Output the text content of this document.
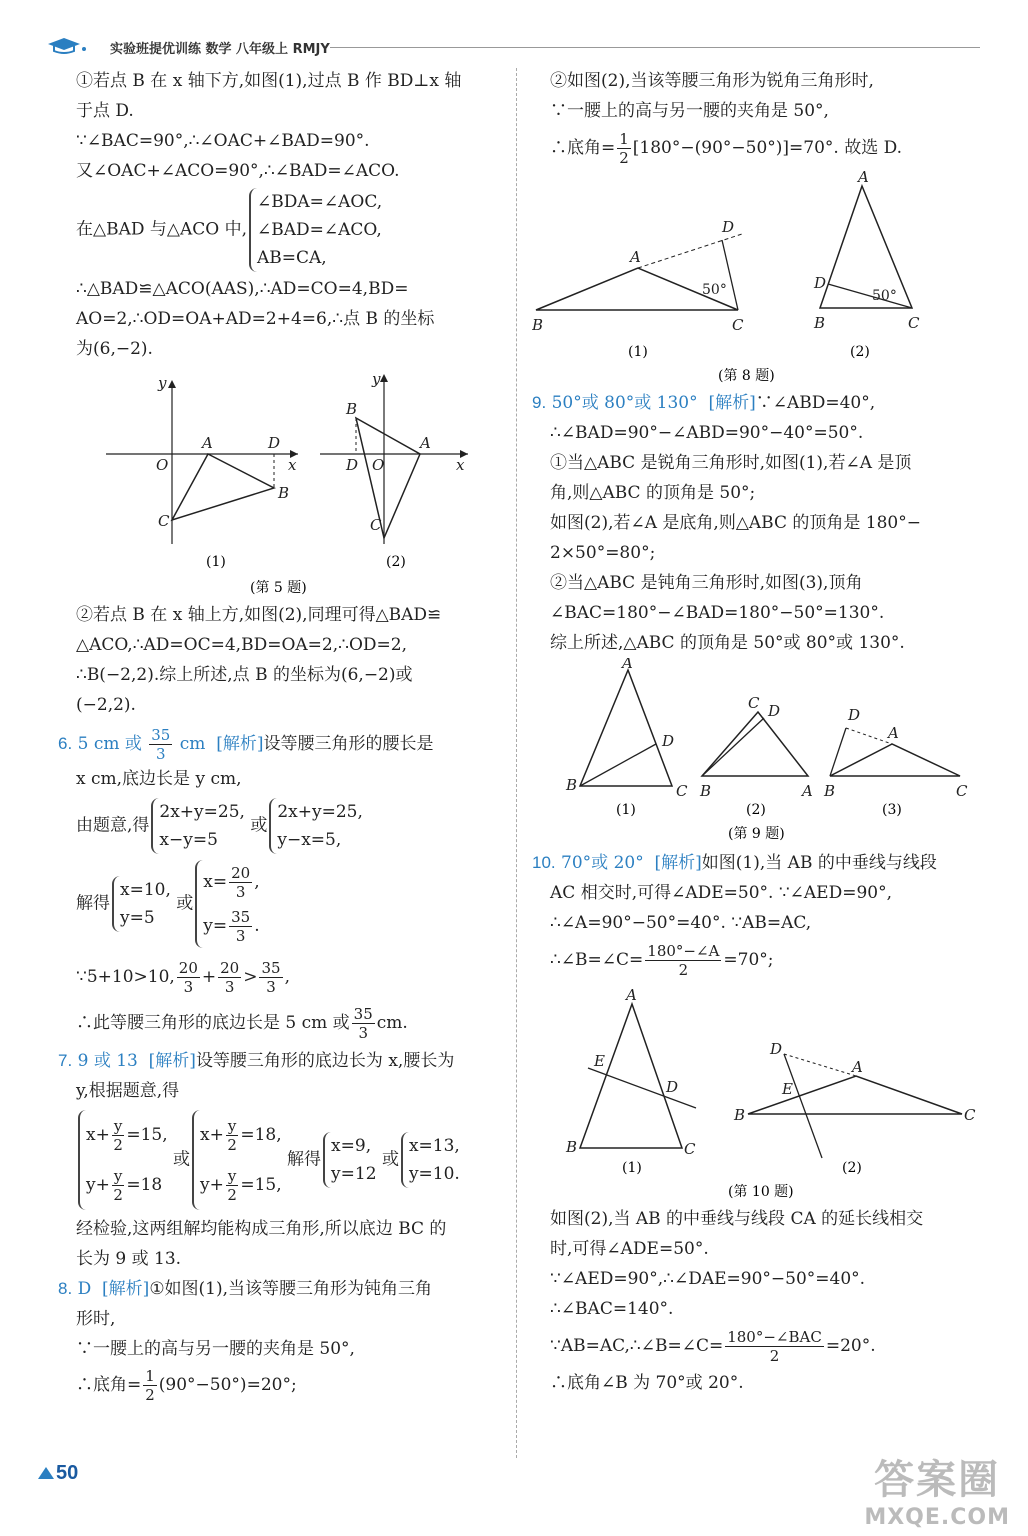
实验班提优训练 数学 八年级上 RMJY

①若点 B 在 x 轴下方,如图(1),过点 B 作 BD⊥x 轴

于点 D.

∵∠BAC=90°,∴∠OAC+∠BAD=90°.

又∠OAC+∠ACO=90°,∴∠BAD=∠ACO.

在△BAD 与△ACO 中,
∠BDA=∠AOC,
∠BAD=∠ACO,
AB=CA,

∴△BAD≌△ACO(AAS),∴AD=CO=4,BD=

AO=2,∴OD=OA+AD=2+4=6,∴点 B 的坐标

为(6,−2).

y
x
O
A	D
B
C
y
x
O
B
A
D
C
(1)	(2)
(第 5 题)

②若点 B 在 x 轴上方,如图(2),同理可得△BAD≌

△ACO,∴AD=OC=4,BD=OA=2,∴OD=2,

∴B(−2,2).综上所述,点 B 的坐标为(6,−2)或

(−2,2).

6. 5 cm 或 $\frac{35}{3}$ cm [解析]设等腰三角形的腰长是

x cm,底边长是 y cm,

由题意,得
2x+y=25,
x−y=5
或
2x+y=25,
y−x=5,

解得
x=10,
y=5
或
$x= \frac{20}{3}$ ,
$y= \frac{35}{3}$ .

∵5+10>10, $\frac{20}{3} + \frac{20}{3} > \frac{35}{3}$ ,

∴此等腰三角形的底边长是 5 cm 或 $\frac{35}{3}$ cm.

7. 9 或 13 [解析]设等腰三角形的底边长为 x,腰长为

y,根据题意,得

$x+ \frac{y}{2} =15$,
$y+ \frac{y}{2} =18$
或
$x+ \frac{y}{2} =18$,
$y+ \frac{y}{2} =15$,
解得
x=9,
y=12
或
x=13,
y=10.

经检验,这两组解均能构成三角形,所以底边 BC 的

长为 9 或 13.

8. D [解析]①如图(1),当该等腰三角形为钝角三角

形时,

∵一腰上的高与另一腰的夹角是 50°,

∴底角= $\frac{1}{2} (90^\circ-50^\circ)=20^\circ$;

②如图(2),当该等腰三角形为锐角三角形时,

∵一腰上的高与另一腰的夹角是 50°,

∴底角= $\frac{1}{2} [180^\circ-(90^\circ-50^\circ)]=70^\circ$. 故选 D.

B
A
C
D
50°
A
B	C
D
50°
(1)	(2)
(第 8 题)

9. 50°或 80°或 130° [解析]∵∠ABD=40°,

∴∠BAD=90°−∠ABD=90°−40°=50°.

①当△ABC 是锐角三角形时,如图(1),若∠A 是顶

角,则△ABC 的顶角是 50°;

如图(2),若∠A 是底角,则△ABC 的顶角是 180°−

2×50°=80°;

②当△ABC 是钝角三角形时,如图(3),顶角

∠BAC=180°−∠BAD=180°−50°=130°.

综上所述,△ABC 的顶角是 50°或 80°或 130°.

A
B	C
D
C
B	A
D	D
A
B	C
(1)	(2)	(3)
(第 9 题)

10. 70°或 20° [解析]如图(1),当 AB 的中垂线与线段

AC 相交时,可得∠ADE=50°. ∵∠AED=90°,

∴∠A=90°−50°=40°. ∵AB=AC,

∴∠B=∠C= $\frac{180^\circ-\angle A}{2} =70^\circ$;

A
B	C
E
D
D
A
B	C
E
(1)	(2)
(第 10 题)

如图(2),当 AB 的中垂线与线段 CA 的延长线相交

时,可得∠ADE=50°.

∵∠AED=90°,∴∠DAE=90°−50°=40°.

∴∠BAC=140°.

∵AB=AC,∴∠B=∠C= $\frac{\text{180°−∠BAC}}{2} =20^\circ$.

∴底角∠B 为 70°或 20°.

50	答案圈
MXQE.COM
